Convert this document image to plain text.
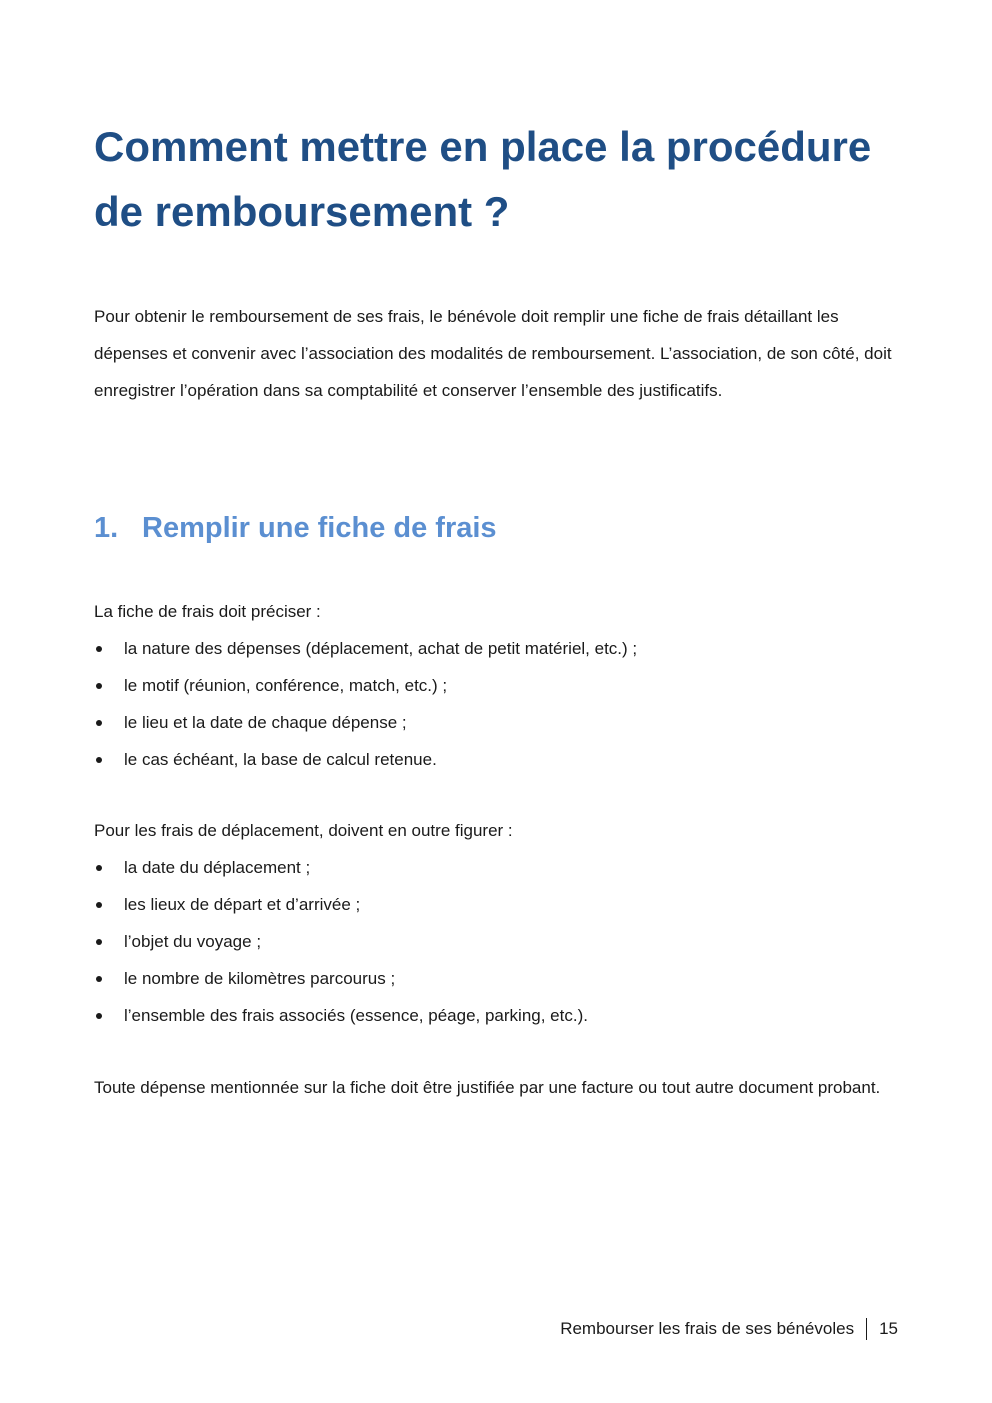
Comment mettre en place la procédure de remboursement ?

Pour obtenir le remboursement de ses frais, le bénévole doit remplir une fiche de frais détaillant les dépenses et convenir avec l’association des modalités de remboursement. L’association, de son côté, doit enregistrer l’opération dans sa comptabilité et conserver l’ensemble des justificatifs.

1. Remplir une fiche de frais

La fiche de frais doit préciser :

la nature des dépenses (déplacement, achat de petit matériel, etc.) ;
le motif (réunion, conférence, match, etc.) ;
le lieu et la date de chaque dépense ;
le cas échéant, la base de calcul retenue.

Pour les frais de déplacement, doivent en outre figurer :

la date du déplacement ;
les lieux de départ et d’arrivée ;
l’objet du voyage ;
le nombre de kilomètres parcourus ;
l’ensemble des frais associés (essence, péage, parking, etc.).

Toute dépense mentionnée sur la fiche doit être justifiée par une facture ou tout autre document probant.

Rembourser les frais de ses bénévoles 15
